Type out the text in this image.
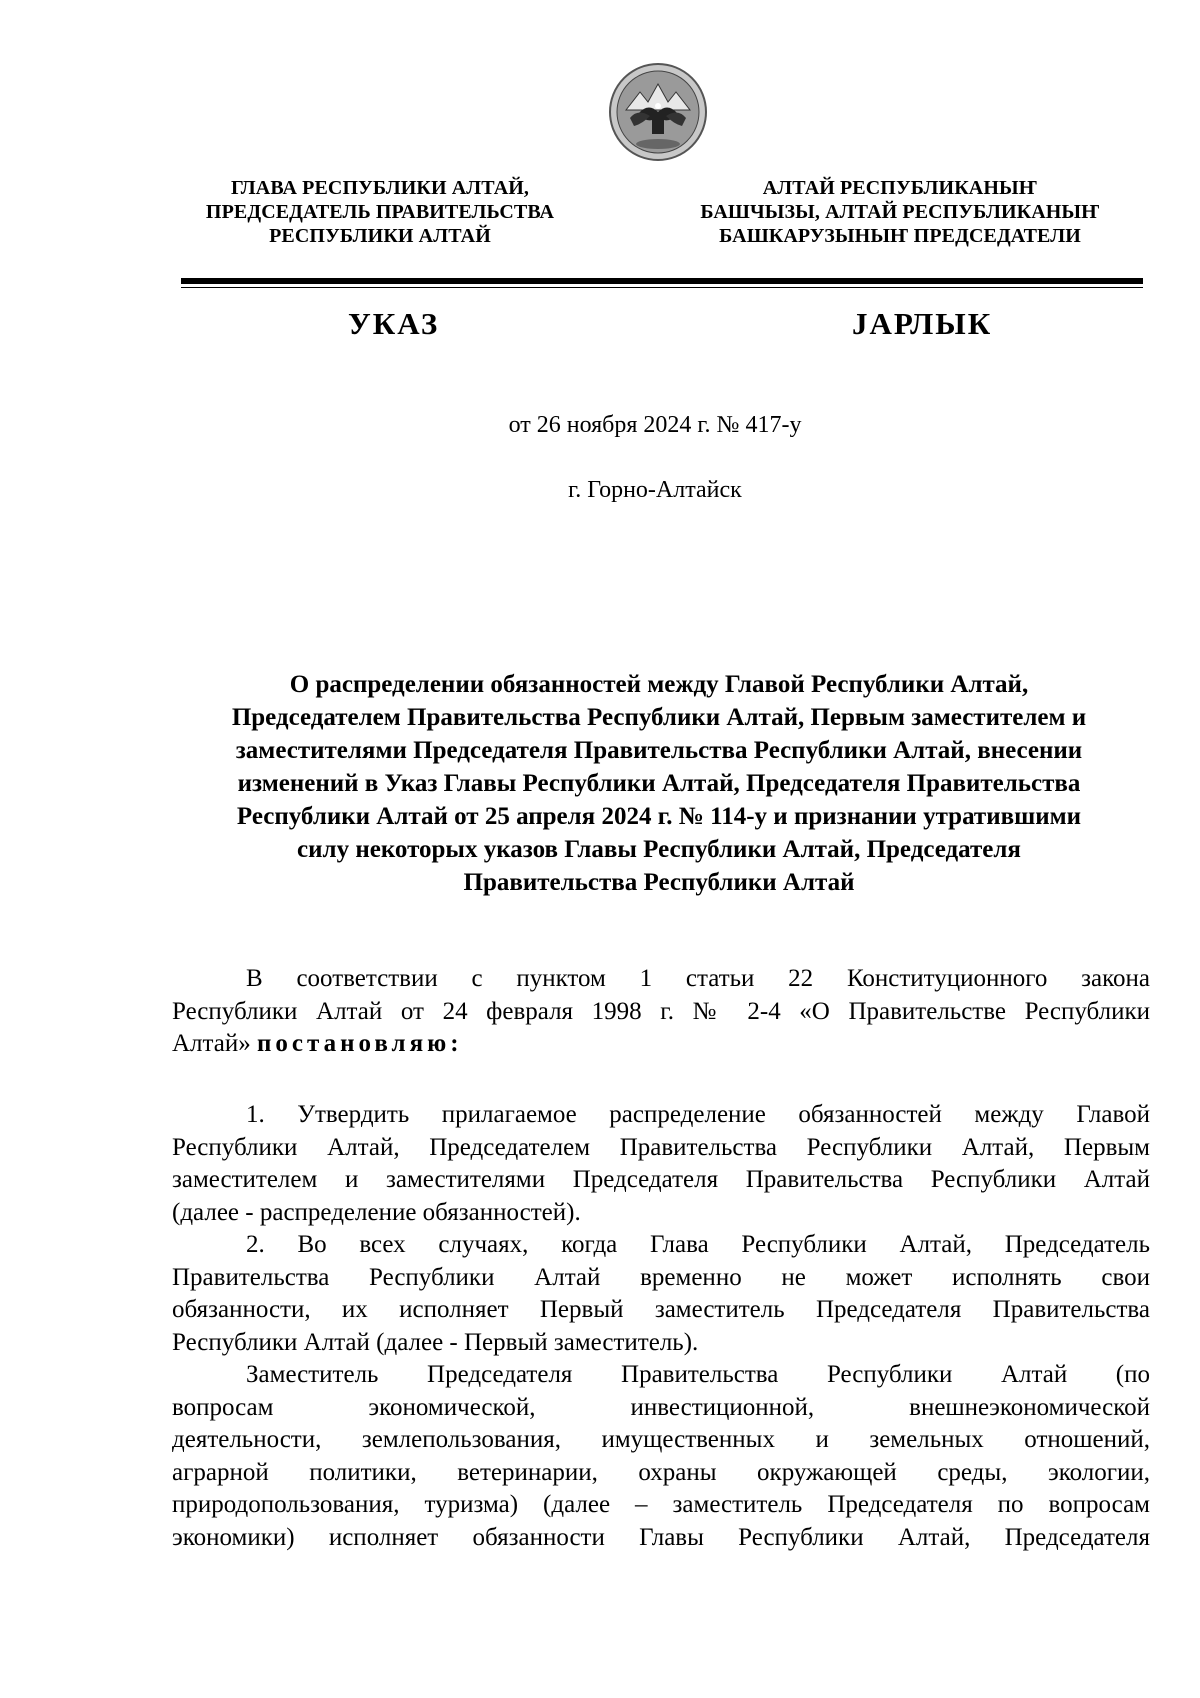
ГЛАВА РЕСПУБЛИКИ АЛТАЙ,
ПРЕДСЕДАТЕЛЬ ПРАВИТЕЛЬСТВА
РЕСПУБЛИКИ АЛТАЙ
АЛТАЙ РЕСПУБЛИКАНЫҤ
БАШЧЫЗЫ, АЛТАЙ РЕСПУБЛИКАНЫҤ
БАШКАРУЗЫНЫҤ ПРЕДСЕДАТЕЛИ
УКАЗ	ЈАРЛЫК
от 26 ноября 2024 г. № 417-у
г. Горно-Алтайск
О распределении обязанностей между Главой Республики Алтай,
Председателем Правительства Республики Алтай, Первым заместителем и
заместителями Председателя Правительства Республики Алтай, внесении
изменений в Указ Главы Республики Алтай, Председателя Правительства
Республики Алтай от 25 апреля 2024 г. № 114-у и признании утратившими
силу некоторых указов Главы Республики Алтай, Председателя
Правительства Республики Алтай
В соответствии с пунктом 1 статьи 22 Конституционного закона
Республики Алтай от 24 февраля 1998 г. № 2-4 «О Правительстве Республики
Алтай» постановляю:
1. Утвердить прилагаемое распределение обязанностей между Главой
Республики Алтай, Председателем Правительства Республики Алтай, Первым
заместителем и заместителями Председателя Правительства Республики Алтай
(далее - распределение обязанностей).
2. Во всех случаях, когда Глава Республики Алтай, Председатель
Правительства Республики Алтай временно не может исполнять свои
обязанности, их исполняет Первый заместитель Председателя Правительства
Республики Алтай (далее - Первый заместитель).
Заместитель Председателя Правительства Республики Алтай (по
вопросам экономической, инвестиционной, внешнеэкономической
деятельности, землепользования, имущественных и земельных отношений,
аграрной политики, ветеринарии, охраны окружающей среды, экологии,
природопользования, туризма) (далее – заместитель Председателя по вопросам
экономики) исполняет обязанности Главы Республики Алтай, Председателя
